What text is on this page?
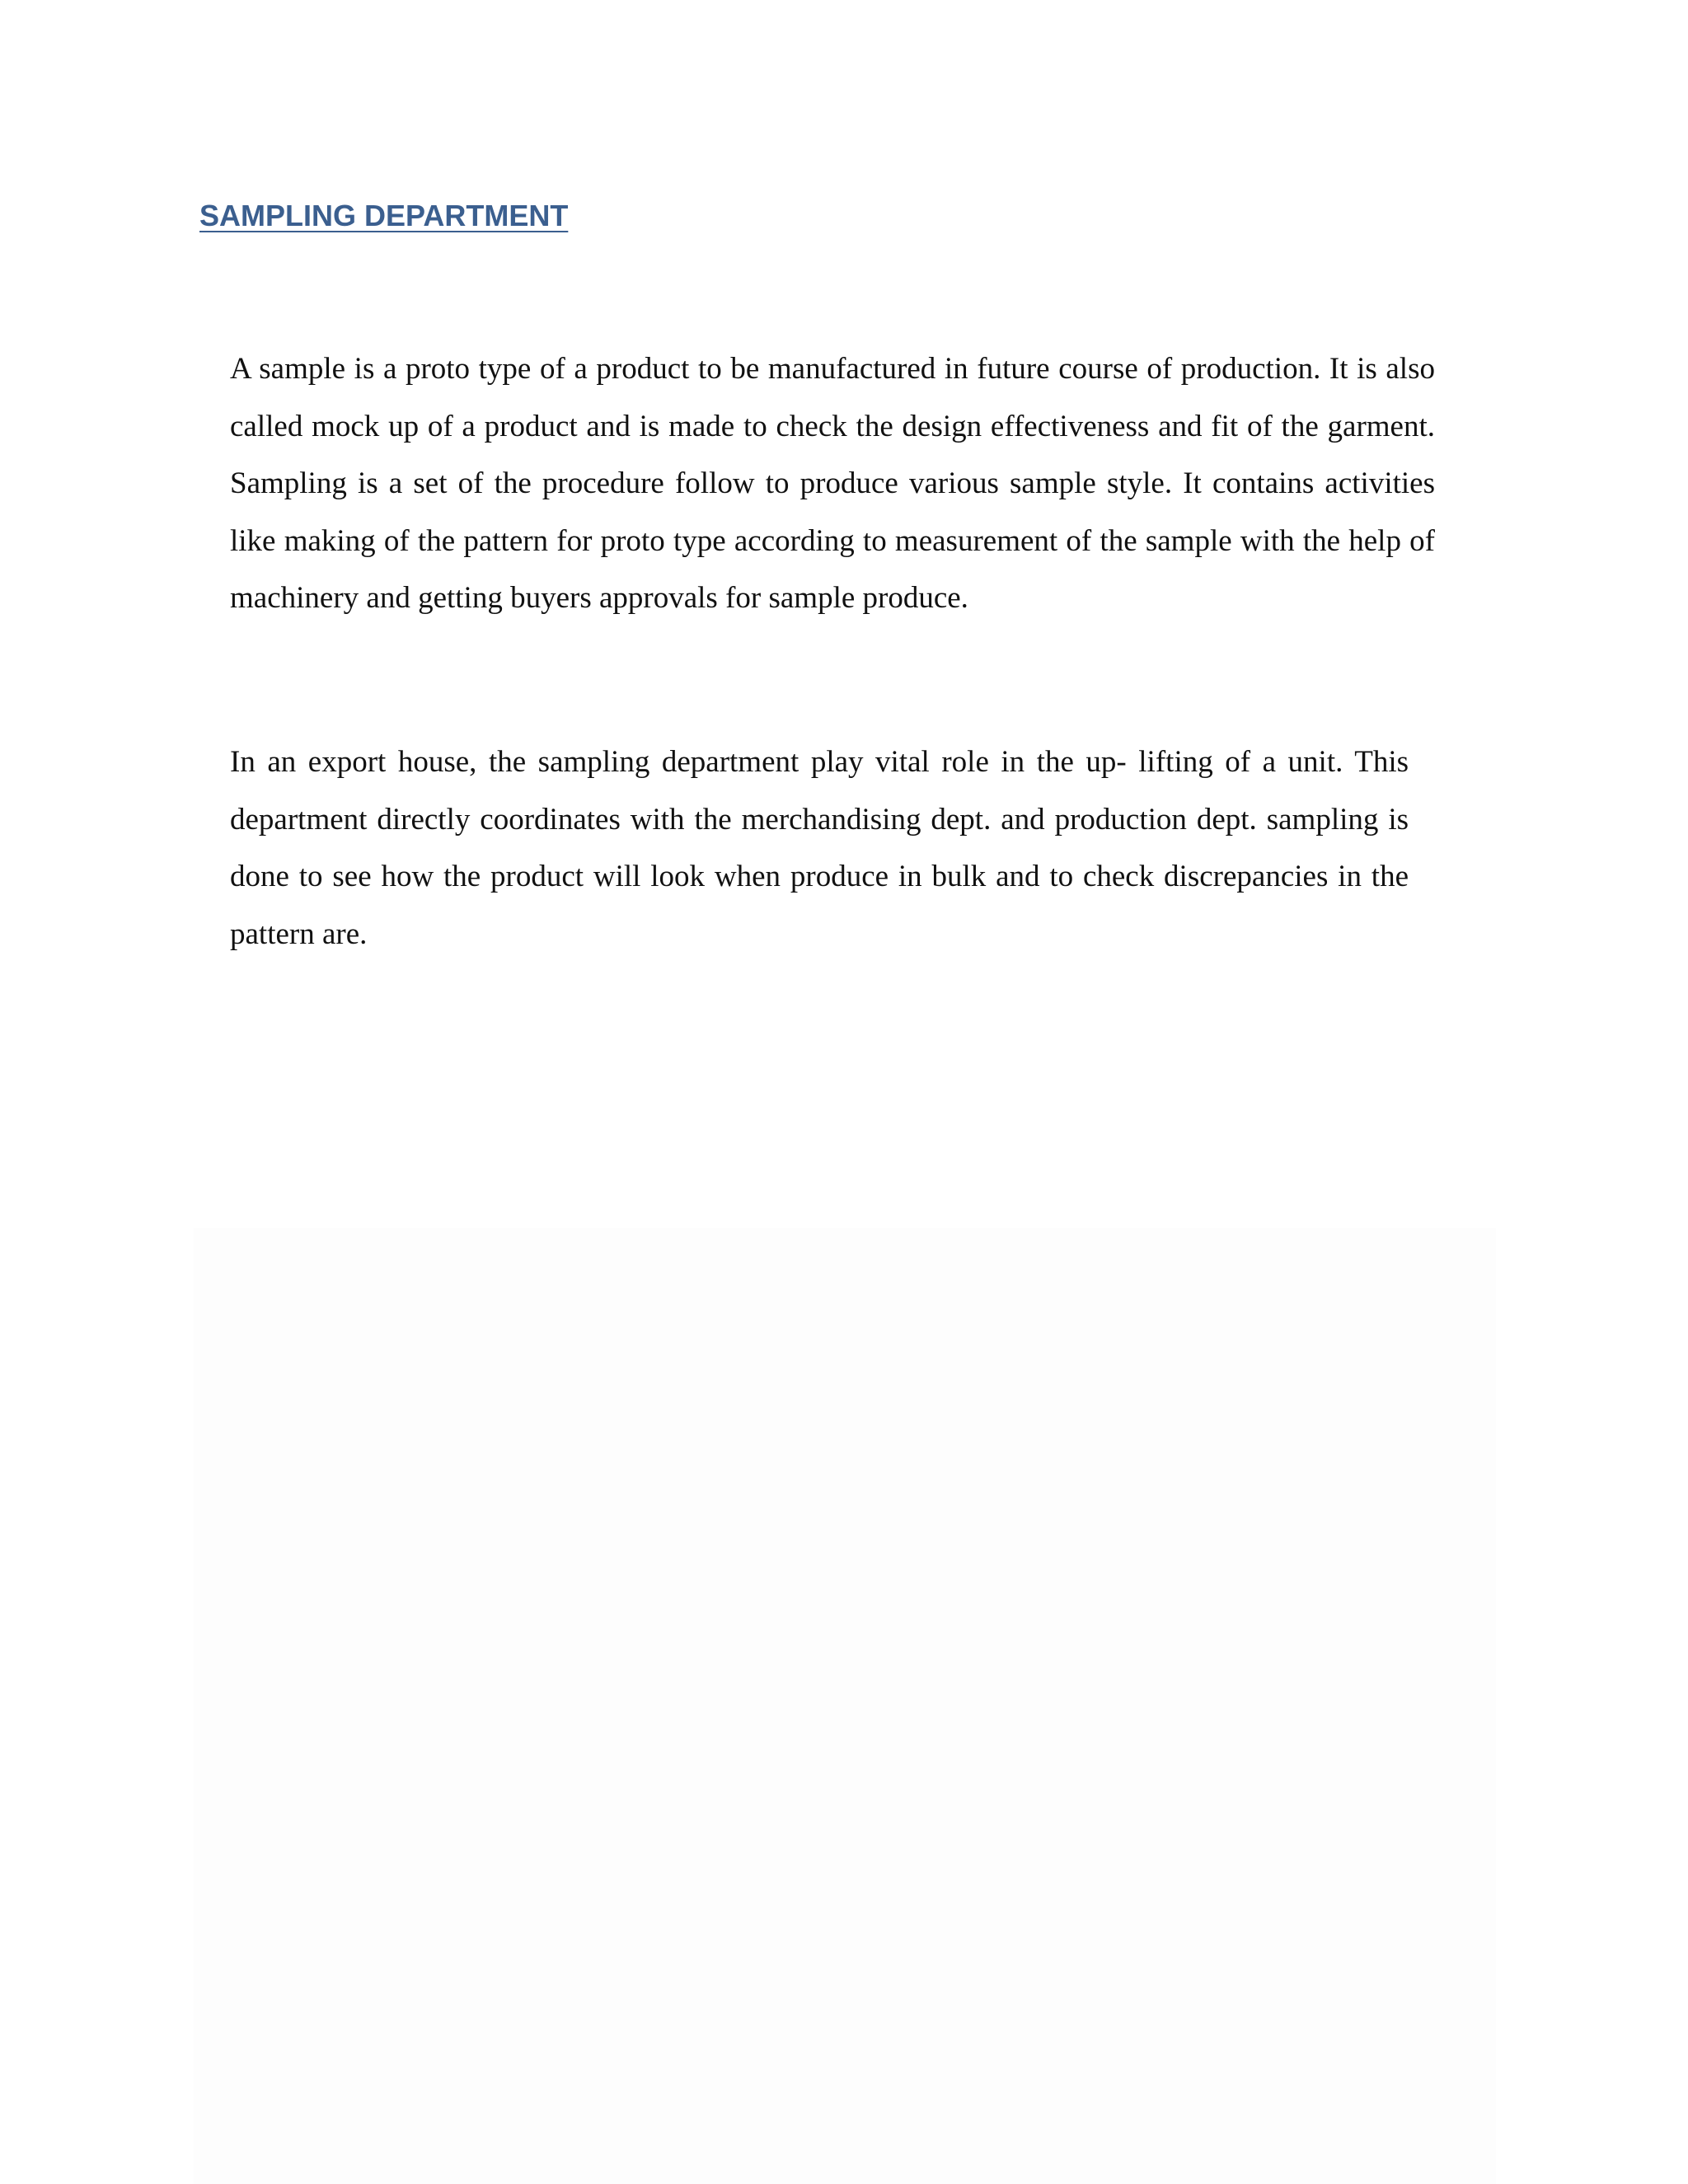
SAMPLING DEPARTMENT

A sample is a proto type of a product to be manufactured in future course of production. It is also called mock up of a product and is made to check the design effectiveness and fit of the garment. Sampling is a set of the procedure follow to produce various sample style. It contains activities like making of the pattern for proto type according to measurement of the sample with the help of machinery and getting buyers approvals for sample produce.

In an export house, the sampling department play vital role in the up- lifting of a unit. This department directly coordinates with the merchandising dept. and production dept. sampling is done to see how the product will look when produce in bulk and to check discrepancies in the pattern are.
